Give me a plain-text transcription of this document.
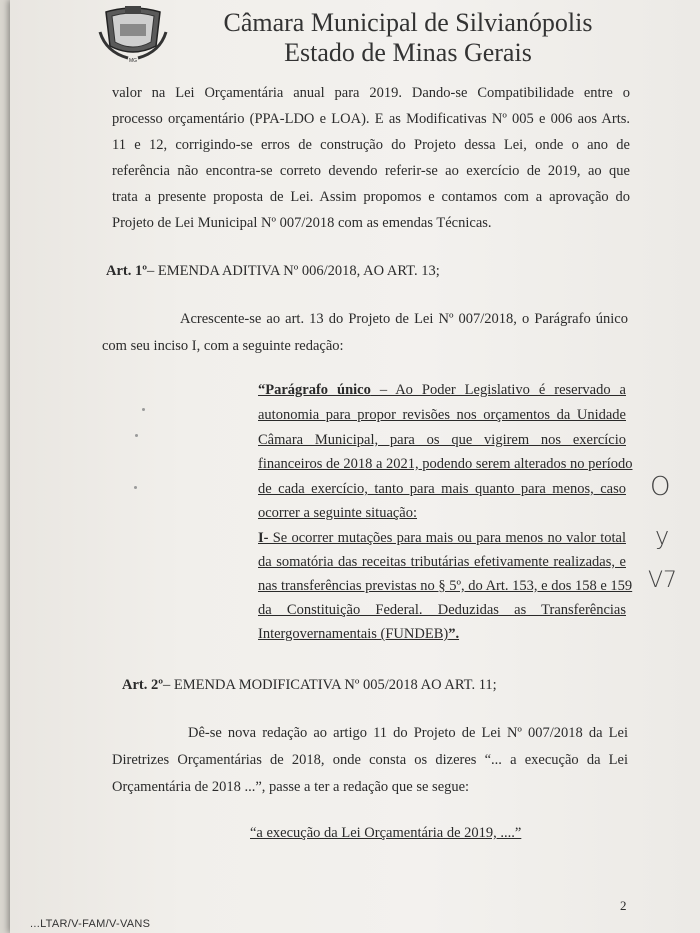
MG
Câmara Municipal de Silvianópolis
Estado de Minas Gerais
valor na Lei Orçamentária anual para 2019. Dando-se Compatibilidade entre o
processo orçamentário (PPA-LDO e LOA). E as Modificativas Nº 005 e 006 aos Arts.
11 e 12, corrigindo-se erros de construção do Projeto dessa Lei, onde o ano de
referência não encontra-se correto devendo referir-se ao exercício de 2019, ao que
trata a presente proposta de Lei. Assim propomos e contamos com a aprovação do
Projeto de Lei Municipal Nº 007/2018 com as emendas Técnicas.
Art. 1º– EMENDA ADITIVA Nº 006/2018, AO ART. 13;
Acrescente-se ao art. 13 do Projeto de Lei Nº 007/2018, o Parágrafo único
com seu inciso I, com a seguinte redação:
“Parágrafo único – Ao Poder Legislativo é reservado a
autonomia para propor revisões nos orçamentos da Unidade
Câmara Municipal, para os que vigirem nos exercício
financeiros de 2018 a 2021, podendo serem alterados no período
de cada exercício, tanto para mais quanto para menos, caso
ocorrer a seguinte situação:
I- Se ocorrer mutações para mais ou para menos no valor total
da somatória das receitas tributárias efetivamente realizadas, e
nas transferências previstas no § 5º, do Art. 153, e dos 158 e 159
da Constituição Federal. Deduzidas as Transferências
Intergovernamentais (FUNDEB)”.
Art. 2º– EMENDA MODIFICATIVA Nº 005/2018 AO ART. 11;
Dê-se nova redação ao artigo 11 do Projeto de Lei Nº 007/2018 da Lei
Diretrizes Orçamentárias de 2018, onde consta os dizeres “... a execução da Lei
Orçamentária de 2018 ...”, passe a ter a redação que se segue:
“a execução da Lei Orçamentária de 2019, ....”
O
y
V7
2
...LTAR/V-FAM/V-VANS
